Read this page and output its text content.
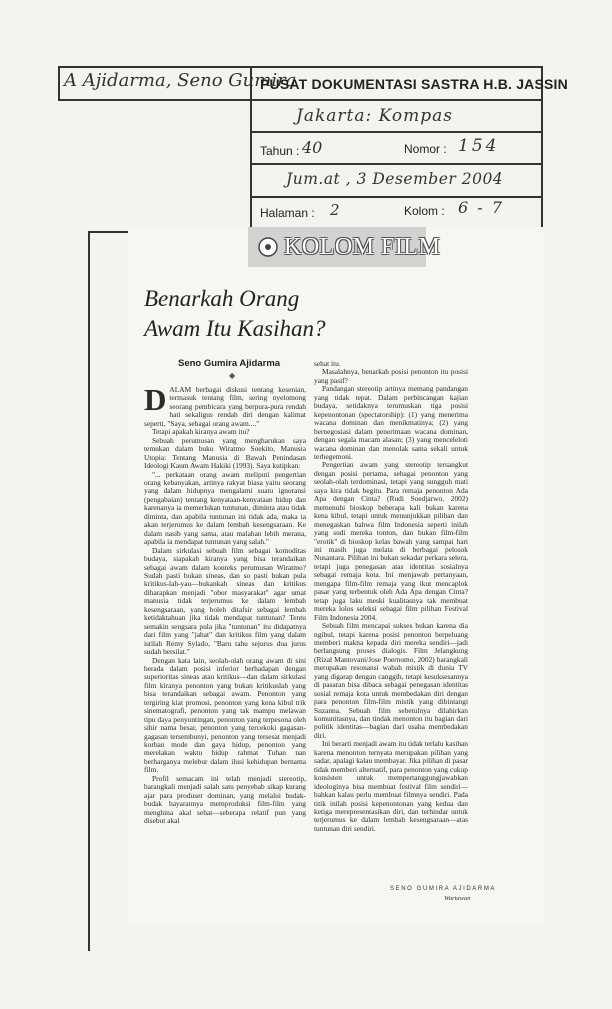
A Ajidarma, Seno Gumira
PUSAT DOKUMENTASI SASTRA H.B. JASSIN
Jakarta: Kompas
Tahun : 40	Nomor : 154
Jum.at , 3 Desember 2004
Halaman : 2	Kolom : 6 - 7
KOLOM FILM
Benarkah Orang
Awam Itu Kasihan?
Seno Gumira Ajidarma
◆

DALAM berbagai diskusi tentang kesenian, termasuk tentang film, sering nyelomong seorang pembicara yang berpura-pura rendah hati sekaligus rendah diri dengan kalimat seperti, "Saya, sebagai orang awam...."

Tetapi apakah kiranya awam itu?

Sebuah perumusan yang mengharukan saya temukan dalam buku Wiratmo Soekito, Manusia Utopia: Tentang Manusia di Bawah Penindasan Ideologi Kaum Awam Hakiki (1993). Saya kutipkan:

"... perkataan orang awam meliputi pengertian orang kebanyakan, artinya rakyat biasa yaitu seorang yang dalam hidupnya mengalami suatu ignoransi (pengabaian) tentang kenyataan-kenyataan hidup dan karenanya ia memerlukan tuntunan, diminta atau tidak diminta, dan apabila tuntunan ini tidak ada, maka ia akan terjerumus ke dalam lembah kesengsaraan. Ke dalam nasib yang sama, atau malahan lebih merana, apabila ia mendapat tuntunan yang salah."

Dalam sirkulasi sebuah film sebagai komoditas budaya, siapakah kiranya yang bisa terandaikan sebagai awam dalam konteks perumusan Wiratmo? Sudah pasti bukan sineas, dan so pasti bukan pula kritikus-lah-yau—bukankah sineas dan kritikus diharapkan menjadi "obor masyarakat" agar umat manusia tidak terjerumus ke dalam lembah kesengsaraan, yang boleh ditafsir sebagai lembah ketidaktahuan jika tidak mendapat tuntunan? Tentu semakin sengsara pula jika "tuntunan" itu didapatnya dari film yang "jahat" dan kritikus film yang dalam istilah Remy Sylado, "Baru tahu sejurus dua jurus sudah bersilat."

Dengan kata lain, seolah-olah orang awam di sini berada dalam posisi inferior berhadapan dengan superioritas sineas atau kritikus—dan dalam sirkulasi film kiranya penonton yang bukan kritikuslah yang bisa terandaikan sebagai awam. Penonton yang tergiring kiat promosi, penonton yang kena kibul trik sinematografi, penonton yang tak mampu melawan tipu daya penyuntingan, penonton yang terpesona oleh sihir nama besar, penonton yang tercekoki gagasan-gagasan tersembunyi, penonton yang tersesat menjadi korban mode dan gaya hidup, penonton yang merelakan waktu hidup rahmat Tuhan nan berharganya melebur dalam ilusi kehidupan bernama film.

Profil semacam ini telah menjadi stereotip, barangkali menjadi salah satu penyebab sikap kurang ajar para produser dominan, yang melalui budak-budak bayarannya memproduksi film-film yang menghina akal sehat—seberapa relatif pun yang disebut akal

sehat itu.

Masalahnya, benarkah posisi penonton itu posisi yang pasif?

Pandangan stereotip artinya memang pandangan yang tidak tepat. Dalam perbincangan kajian budaya, setidaknya terumuskan tiga posisi kepenontonan (spectatorship): (1) yang menerima wacana dominan dan menikmatinya; (2) yang bernegosiasi dalam penerimaan wacana dominan, dengan segala macam alasan; (3) yang menceleloti wacana dominan dan menolak sama sekali untuk terhegemoni.

Pengertian awam yang stereotip tersangkut dengan posisi pertama, sebagai penonton yang seolah-olah terdominasi, tetapi yang sungguh mati saya kira tidak begitu. Para remaja penonton Ada Apa dengan Cinta? (Rudi Soedjarwo, 2002) memenuhi bioskop beberapa kali bukan karena kena kibul, tetapi untuk menunjukkan pilihan dan menegaskan bahwa film Indonesia seperti inilah yang sudi mereka tonton, dan bukan film-film "erotik" di bioskop kelas bawah yang sampai hari ini masih juga melata di berbagai pelosok Nusantara. Pilihan ini bukan sekadar perkara selera, tetapi juga penegasan atas identitas sosialnya sebagai remaja kota. Ini menjawab pertanyaan, mengapa film-film remaja yang ikut mencaplok pasar yang terbentuk oleh Ada Apa dengan Cinta? tetap juga laku meski kualitasnya tak membuat mereka lolos seleksi sebagai film pilihan Festival Film Indonesia 2004.

Sebuah film mencapai sukses bukan karena dia ngibul, tetapi karena posisi penonton berpeluang memberi makna kepada diri mereka sendiri—jadi berlangsung proses dialogis. Film Jelangkung (Rizal Mantovani/Jose Poernomo, 2002) barangkali merupakan resonansi wabah mistik di dunia TV yang digarap dengan canggih, tetapi kesuksesannya di pasaran bisa dibaca sebagai penegasan identitas sosial remaja kota untuk membedakan diri dengan para penonton film-film mistik yang dibintangi Suzanna. Sebuah film sebetulnya dilahirkan komunitasnya, dan tindak menonton itu bagian dari politik identitas—bagian dari usaha membedakan diri.

Ini berarti menjadi awam itu tidak terlalu kasihan karena menonton ternyata merupakan pilihan yang sadar, apalagi kalau membayar. Jika pilihan di pasar tidak memberi alternatif, para penonton yang cukup konsisten untuk mempertanggungjawabkan ideologinya bisa membuat festival film sendiri—bahkan kalau perlu membuat filmnya sendiri. Pada titik inilah posisi kepenontonan yang kedua dan ketiga merepresentasikan diri, dan terhindar untuk terjerumus ke dalam lembah kesengsaraan—atas tuntunan diri sendiri.

SENO GUMIRA AJIDARMA
Wartawan
